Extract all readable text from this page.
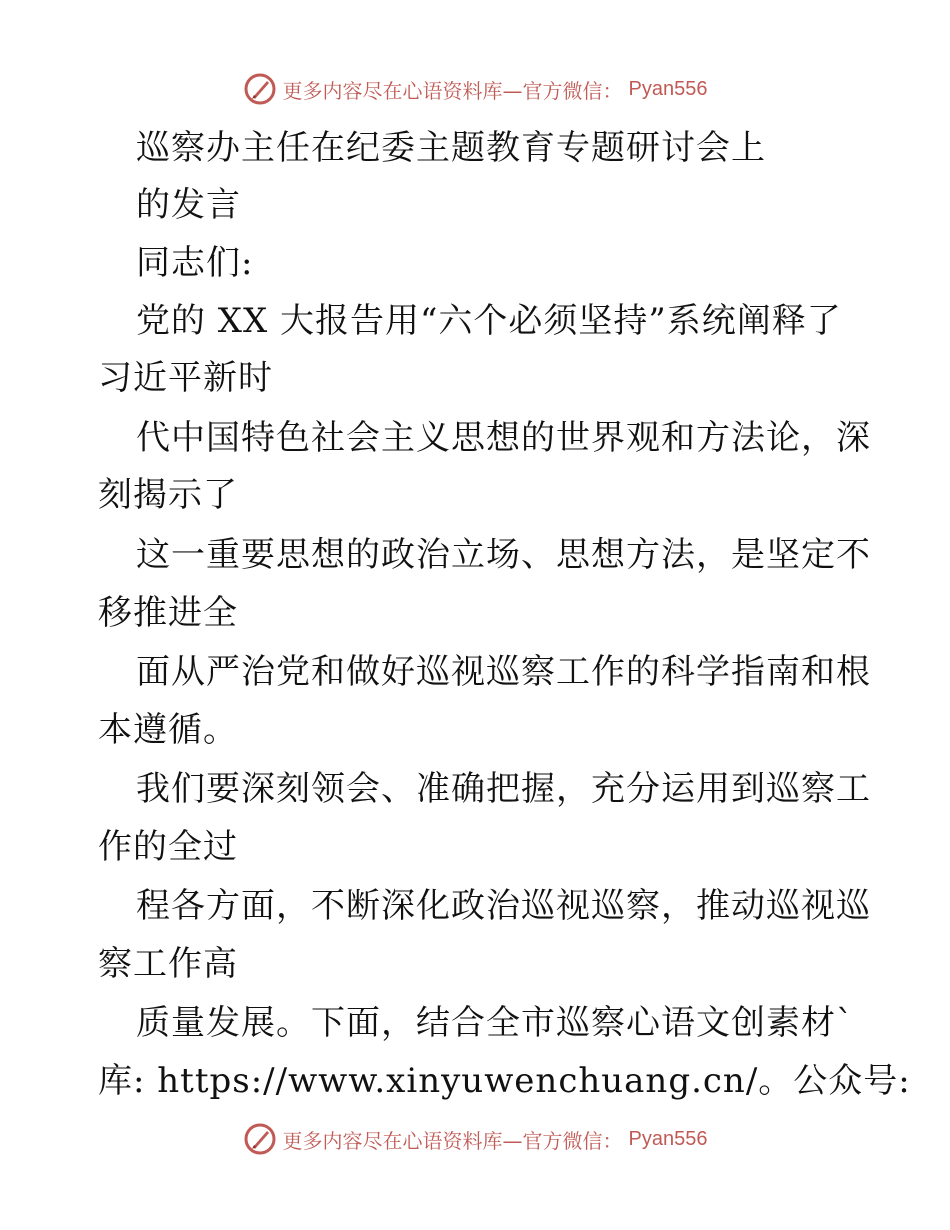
更多内容尽在心语资料库—官方微信： Pyan556
巡察办主任在纪委主题教育专题研讨会上
的发言
同志们:
党的 XX 大报告用“六个必须坚持”系统阐释了
习近平新时
代中国特色社会主义思想的世界观和方法论，深
刻揭示了
这一重要思想的政治立场、思想方法，是坚定不
移推进全
面从严治党和做好巡视巡察工作的科学指南和根
本遵循。
我们要深刻领会、准确把握，充分运用到巡察工
作的全过
程各方面，不断深化政治巡视巡察，推动巡视巡
察工作高
质量发展。下面，结合全市巡察心语文创素材`
库: https://www.xinyuwenchuang.cn/。公众号:
更多内容尽在心语资料库—官方微信： Pyan556
